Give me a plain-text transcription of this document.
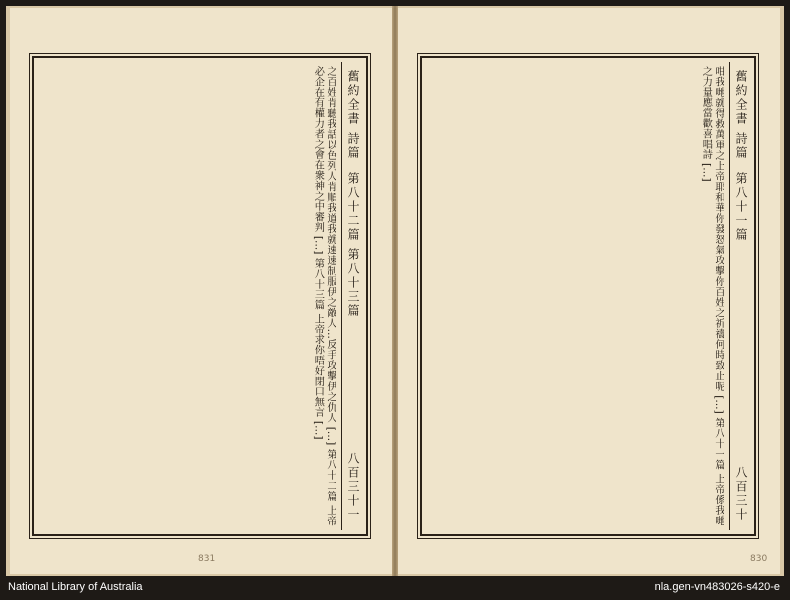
舊約全書 詩篇
第八十二篇 第八十三篇
八百三十一
之百姓肯聽我話以色列人肯順我道我就速速制服伊之敵人…反手攻擊伊之仇人 […] 第八十二篇 上帝必企在有權力者之會在衆神之中審判 […] 第八十三篇 上帝求你唔好閉口無言 […]
831
舊約全書 詩篇
第八十一篇
八百三十
咁我哋就得救萬軍之上帝耶和華你發怒氣攻擊你百姓之祈禱何時致止呢 […] 第八十一篇 上帝係我哋之力量應當歡喜唱詩 […]
830
National Library of Australia	nla.gen-vn483026-s420-e
